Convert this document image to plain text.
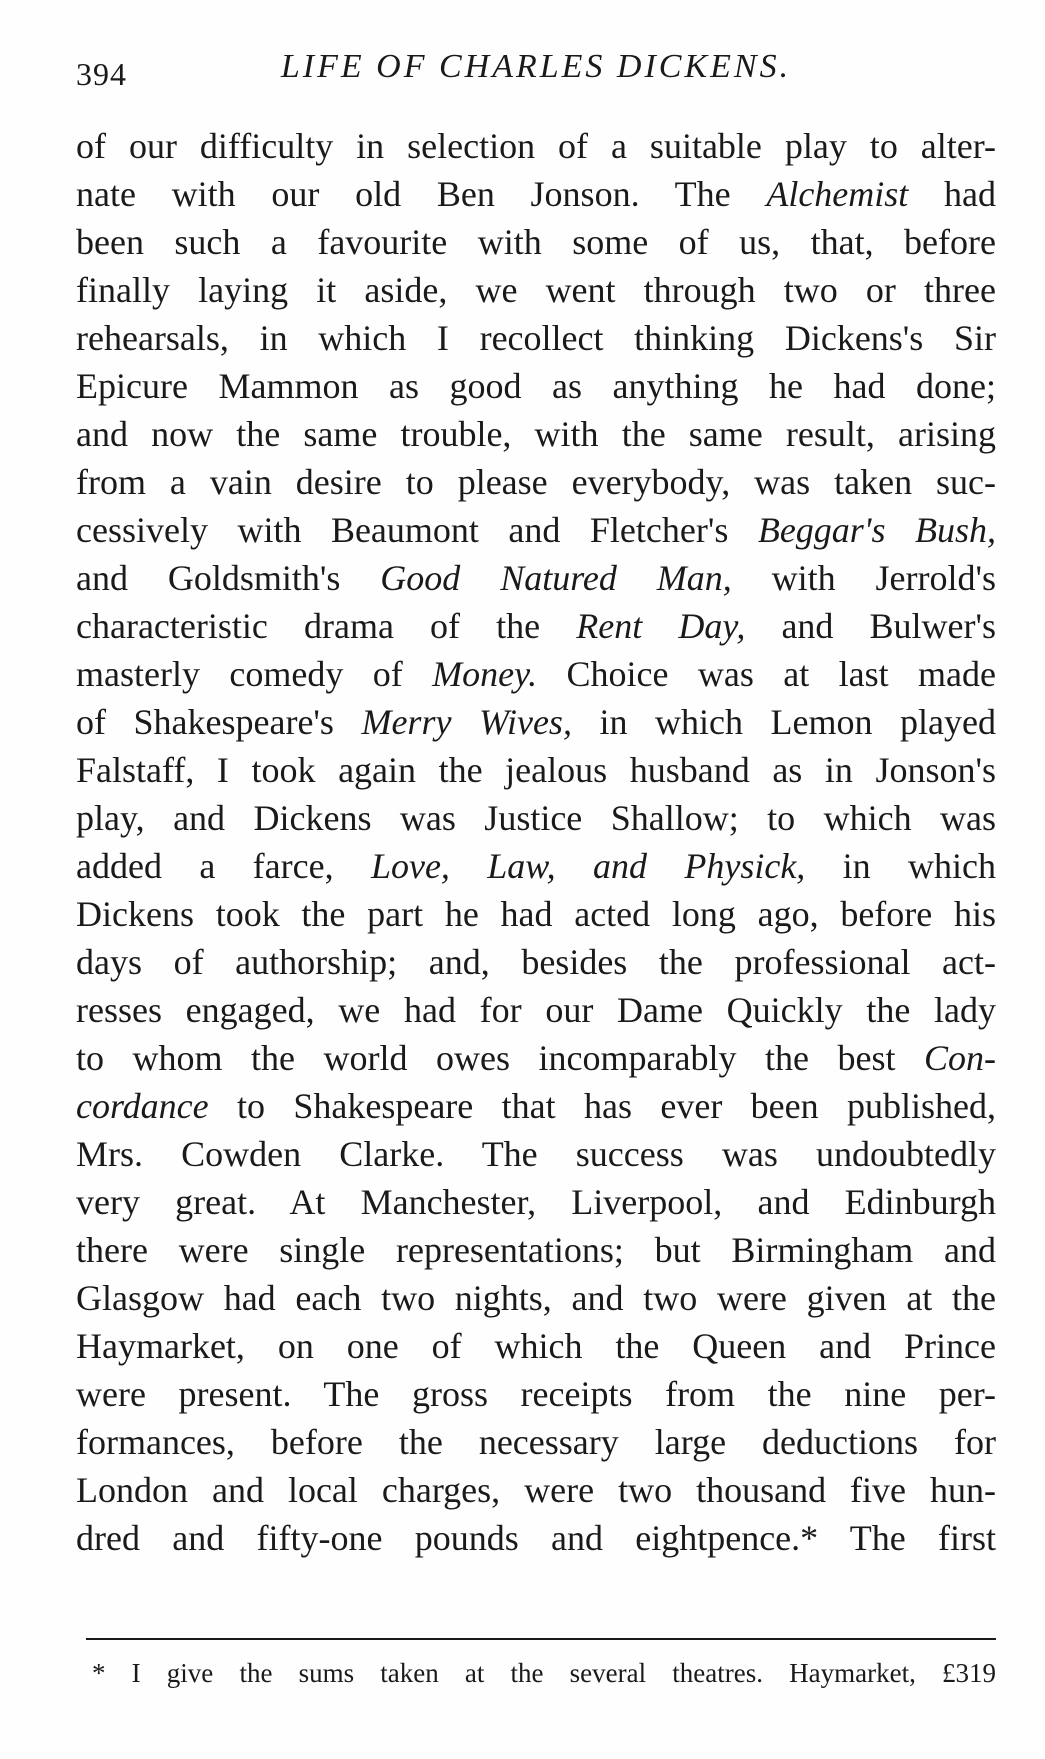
394	LIFE OF CHARLES DICKENS.
of our difficulty in selection of a suitable play to alter-
nate with our old Ben Jonson. The Alchemist had
been such a favourite with some of us, that, before
finally laying it aside, we went through two or three
rehearsals, in which I recollect thinking Dickens's Sir
Epicure Mammon as good as anything he had done;
and now the same trouble, with the same result, arising
from a vain desire to please everybody, was taken suc-
cessively with Beaumont and Fletcher's Beggar's Bush,
and Goldsmith's Good Natured Man, with Jerrold's
characteristic drama of the Rent Day, and Bulwer's
masterly comedy of Money. Choice was at last made
of Shakespeare's Merry Wives, in which Lemon played
Falstaff, I took again the jealous husband as in Jonson's
play, and Dickens was Justice Shallow; to which was
added a farce, Love, Law, and Physick, in which
Dickens took the part he had acted long ago, before his
days of authorship; and, besides the professional act-
resses engaged, we had for our Dame Quickly the lady
to whom the world owes incomparably the best Con-
cordance to Shakespeare that has ever been published,
Mrs. Cowden Clarke. The success was undoubtedly
very great. At Manchester, Liverpool, and Edinburgh
there were single representations; but Birmingham and
Glasgow had each two nights, and two were given at the
Haymarket, on one of which the Queen and Prince
were present. The gross receipts from the nine per-
formances, before the necessary large deductions for
London and local charges, were two thousand five hun-
dred and fifty-one pounds and eightpence.* The first
* I give the sums taken at the several theatres. Haymarket, £319
